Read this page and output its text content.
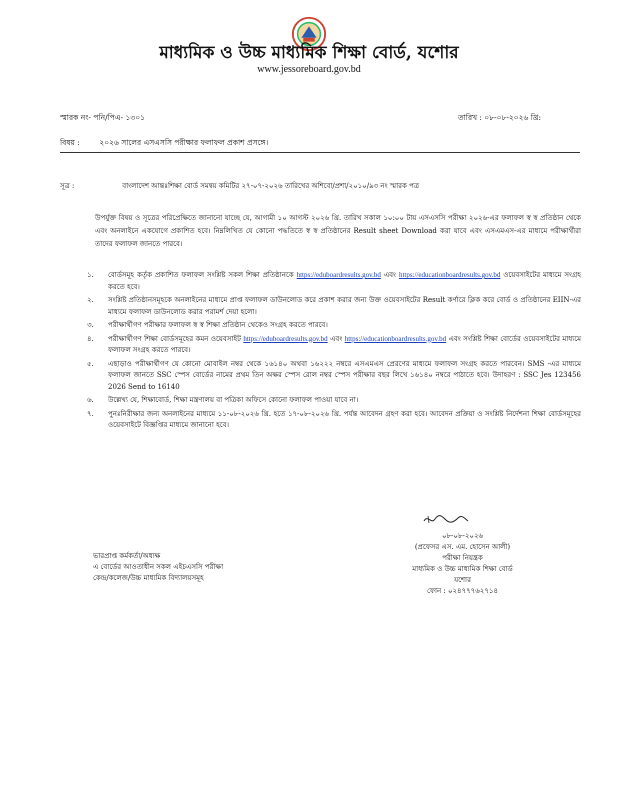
মাধ্যমিক ও উচ্চ মাধ্যমিক শিক্ষা বোর্ড, যশোর
www.jessoreboard.gov.bd
স্মারক নং- পনি/পিএ- ১৩০১	তারিখ : ০৮-০৮-২০২৬ খ্রি:
বিষয় :	২০২৬ সালের এসএসসি পরীক্ষার ফলাফল প্রকাশ প্রসঙ্গে।
সূত্র :	বাংলাদেশ আন্তঃশিক্ষা বোর্ড সমন্বয় কমিটির ২৭-০৭-২০২৬ তারিখের অশিবো/প্রশা/২০১০/৯৩ নং স্মারক পত্র
উপর্যুক্ত বিষয় ও সূত্রের পরিপ্রেক্ষিতে জানানো যাচ্ছে যে, আগামী ১০ আগস্ট ২০২৬ খ্রি. তারিখ সকাল ১০:০০ টায় এসএসসি পরীক্ষা ২০২৬-এর ফলাফল স্ব স্ব প্রতিষ্ঠান থেকে এবং অনলাইনে একযোগে প্রকাশিত হবে। নিম্নলিখিত যে কোনো পদ্ধতিতে স্ব স্ব প্রতিষ্ঠানের Result sheet Download করা যাবে এবং এসএমএস-এর মাধ্যমে পরীক্ষার্থীরা তাদের ফলাফল জানতে পারবে।
১. বোর্ডসমূহ কর্তৃক প্রকাশিত ফলাফল সংশ্লিষ্ট সকল শিক্ষা প্রতিষ্ঠানকে https://eduboardresults.gov.bd এবং https://educationboardresults.gov.bd ওয়েবসাইটের মাধ্যমে সংগ্রহ করতে হবে।
২. সংশ্লিষ্ট প্রতিষ্ঠানসমূহকে অনলাইনের মাধ্যমে প্রাপ্ত ফলাফল ডাউনলোড করে প্রকাশ করার জন্য উক্ত ওয়েবসাইটের Result কর্ণারে ক্লিক করে বোর্ড ও প্রতিষ্ঠানের EIIN-এর মাধ্যমে ফলাফল ডাউনলোড করার পরামর্শ দেয়া হলো।
৩. পরীক্ষার্থীগণ পরীক্ষার ফলাফল স্ব স্ব শিক্ষা প্রতিষ্ঠান থেকেও সংগ্রহ করতে পারবে।
৪. পরীক্ষার্থীগণ শিক্ষা বোর্ডসমূহের কমন ওয়েবসাইট https://eduboardresults.gov.bd এবং https://educationboardresults.gov.bd এবং সংশ্লিষ্ট শিক্ষা বোর্ডের ওয়েবসাইটের মাধ্যমে ফলাফল সংগ্রহ করতে পারবে।
৫. এছাড়াও পরীক্ষার্থীগণ যে কোনো মোবাইল নম্বর থেকে ১৬১৪০ অথবা ১৬২২২ নম্বরে এসএমএস প্রেরণের মাধ্যমে ফলাফল সংগ্রহ করতে পারবেন। SMS -এর মাধ্যমে ফলাফল জানতে SSC স্পেস বোর্ডের নামের প্রথম তিন অক্ষর স্পেস রোল নম্বর স্পেস পরীক্ষার বছর লিখে ১৬১৪০ নম্বরে পাঠাতে হবে। উদাহরণ : SSC Jes 123456 2026 Send to 16140
৬. উল্লেখ্য যে, শিক্ষাবোর্ড, শিক্ষা মন্ত্রণালয় বা পত্রিকা অফিসে কোনো ফলাফল পাওয়া যাবে না।
৭. পুনঃনিরীক্ষার জন্য অনলাইনের মাধ্যমে ১১-০৮-২০২৬ খ্রি. হতে ১৭-০৮-২০২৬ খ্রি. পর্যন্ত আবেদন গ্রহণ করা হবে। আবেদন প্রক্রিয়া ও সংশ্লিষ্ট নির্দেশনা শিক্ষা বোর্ডসমূহের ওয়েবসাইটে বিজ্ঞপ্তির মাধ্যমে জানানো হবে।
০৮-০৮-২০২৬
(প্রফেসর এস. এম. হোসেন আলী)
পরীক্ষা নিয়ন্ত্রক
মাধ্যমিক ও উচ্চ মাধ্যমিক শিক্ষা বোর্ড
যশোর
ফোন : ০২৪৭৭৭৬২৭১৪
ভারপ্রাপ্ত কর্মকর্তা/অধ্যক্ষ
এ বোর্ডের আওতাধীন সকল এইচএসসি পরীক্ষা
কেন্দ্র/কলেজ/উচ্চ মাধ্যমিক বিদ্যালয়সমূহ
